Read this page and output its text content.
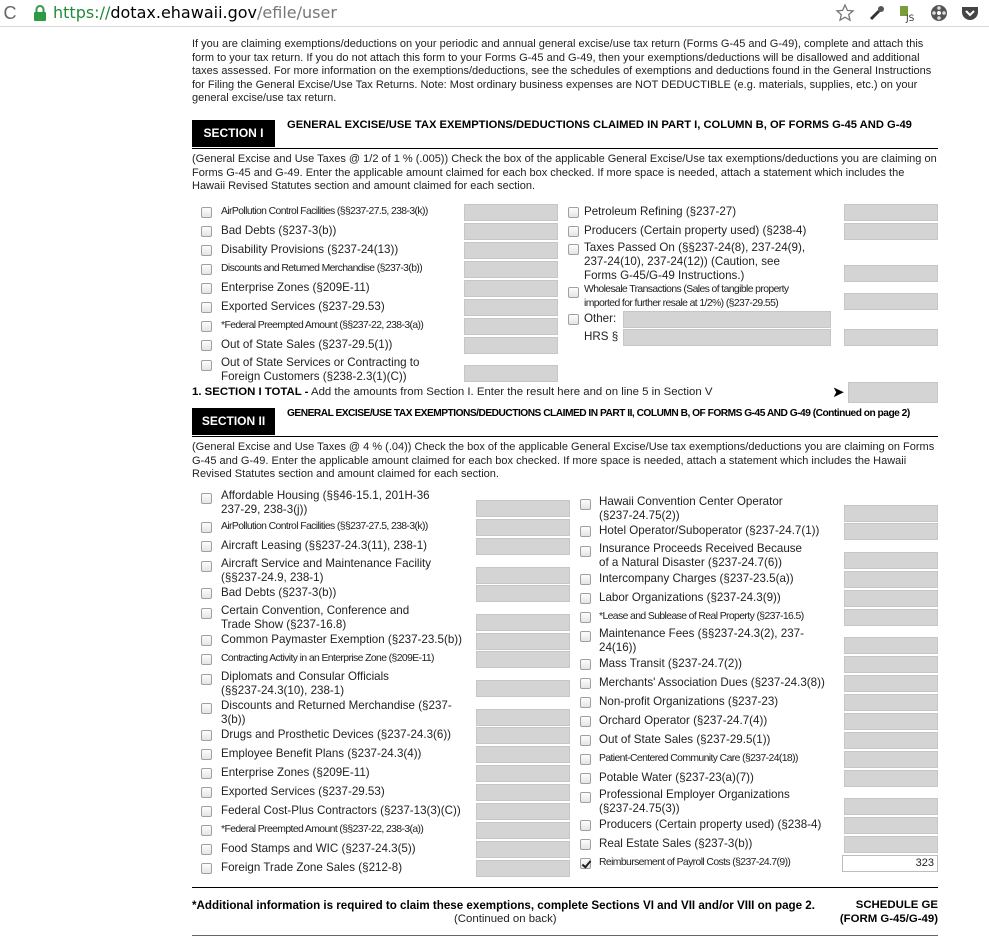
C https://dotax.ehawaii.gov/efile/user	JS
If you are claiming exemptions/deductions on your periodic and annual general excise/use tax return (Forms G-45 and G-49), complete and attach this form to your tax return. If you do not attach this form to your Forms G-45 and G-49, then your exemptions/deductions will be disallowed and additional taxes assessed. For more information on the exemptions/deductions, see the schedules of exemptions and deductions found in the General Instructions for Filing the General Excise/Use Tax Returns. Note: Most ordinary business expenses are NOT DEDUCTIBLE (e.g. materials, supplies, etc.) on your general excise/use tax return.
SECTION I
GENERAL EXCISE/USE TAX EXEMPTIONS/DEDUCTIONS CLAIMED IN PART I, COLUMN B, OF FORMS G-45 AND G-49
(General Excise and Use Taxes @ 1/2 of 1 % (.005)) Check the box of the applicable General Excise/Use tax exemptions/deductions you are claiming on Forms G-45 and G-49. Enter the applicable amount claimed for each box checked. If more space is needed, attach a statement which includes the Hawaii Revised Statutes section and amount claimed for each section.
AirPollution Control Facilities (§§237-27.5, 238-3(k))
Bad Debts (§237-3(b))
Disability Provisions (§237-24(13))
Discounts and Returned Merchandise (§237-3(b))
Enterprise Zones (§209E-11)
Exported Services (§237-29.53)
*Federal Preempted Amount (§§237-22, 238-3(a))
Out of State Sales (§237-29.5(1))
Out of State Services or Contracting to
Foreign Customers (§238-2.3(1)(C))
Petroleum Refining (§237-27)
Producers (Certain property used) (§238-4)
Taxes Passed On (§§237-24(8), 237-24(9),
237-24(10), 237-24(12)) (Caution, see
Forms G-45/G-49 Instructions.)
Wholesale Transactions (Sales of tangible property
imported for further resale at 1/2%) (§237-29.55)
Other:
HRS §
1. SECTION I TOTAL - Add the amounts from Section I. Enter the result here and on line 5 in Section V	➤
SECTION II
GENERAL EXCISE/USE TAX EXEMPTIONS/DEDUCTIONS CLAIMED IN PART II, COLUMN B, OF FORMS G-45 AND G-49 (Continued on page 2)
(General Excise and Use Taxes @ 4 % (.04)) Check the box of the applicable General Excise/Use tax exemptions/deductions you are claiming on Forms G-45 and G-49. Enter the applicable amount claimed for each box checked. If more space is needed, attach a statement which includes the Hawaii Revised Statutes section and amount claimed for each section.
Affordable Housing (§§46-15.1, 201H-36
237-29, 238-3(j))
AirPollution Control Facilities (§§237-27.5, 238-3(k))
Aircraft Leasing (§§237-24.3(11), 238-1)
Aircraft Service and Maintenance Facility
(§§237-24.9, 238-1)
Bad Debts (§237-3(b))
Certain Convention, Conference and
Trade Show (§237-16.8)
Common Paymaster Exemption (§237-23.5(b))
Contracting Activity in an Enterprise Zone (§209E-11)
Diplomats and Consular Officials
(§§237-24.3(10), 238-1)
Discounts and Returned Merchandise (§237-
3(b))
Drugs and Prosthetic Devices (§237-24.3(6))
Employee Benefit Plans (§237-24.3(4))
Enterprise Zones (§209E-11)
Exported Services (§237-29.53)
Federal Cost-Plus Contractors (§237-13(3)(C))
*Federal Preempted Amount (§§237-22, 238-3(a))
Food Stamps and WIC (§237-24.3(5))
Foreign Trade Zone Sales (§212-8)
Hawaii Convention Center Operator
(§237-24.75(2))
Hotel Operator/Suboperator (§237-24.7(1))
Insurance Proceeds Received Because
of a Natural Disaster (§237-24.7(6))
Intercompany Charges (§237-23.5(a))
Labor Organizations (§237-24.3(9))
*Lease and Sublease of Real Property (§237-16.5)
Maintenance Fees (§§237-24.3(2), 237-
24(16))
Mass Transit (§237-24.7(2))
Merchants' Association Dues (§237-24.3(8))
Non-profit Organizations (§237-23)
Orchard Operator (§237-24.7(4))
Out of State Sales (§237-29.5(1))
Patient-Centered Community Care (§237-24(18))
Potable Water (§237-23(a)(7))
Professional Employer Organizations
(§237-24.75(3))
Producers (Certain property used) (§238-4)
Real Estate Sales (§237-3(b))
Reimbursement of Payroll Costs (§237-24.7(9))	323
*Additional information is required to claim these exemptions, complete Sections VI and VII and/or VIII on page 2.
(Continued on back)
SCHEDULE GE
(FORM G-45/G-49)
